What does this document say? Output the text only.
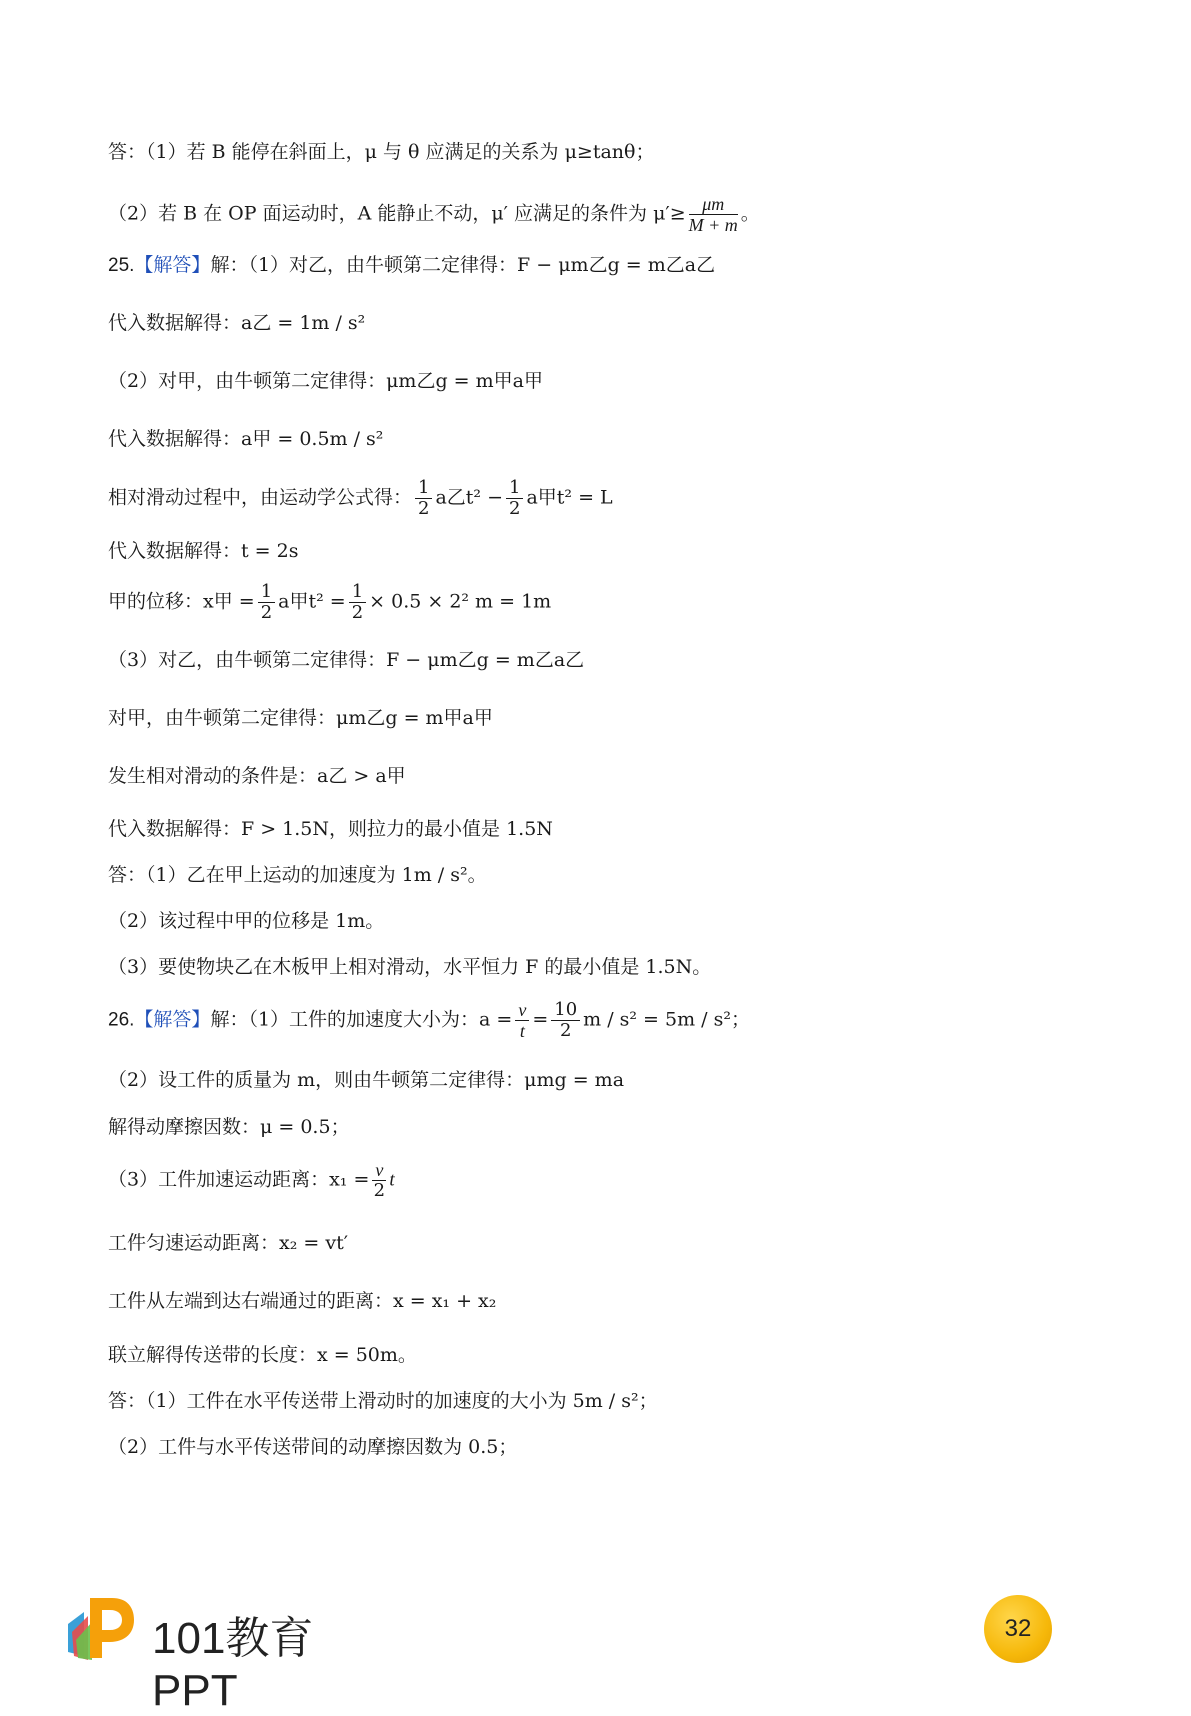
答：（1）若 B 能停在斜面上，μ 与 θ 应满足的关系为 μ≥tanθ；
（2）若 B 在 OP 面运动时，A 能静止不动，μ′ 应满足的条件为 $\mu'\ge \frac{\mu m}{M + m}$ 。
25.【解答】解：（1）对乙，由牛顿第二定律得：F − μm乙g = m乙a乙
代入数据解得：a乙 = 1m / s²
（2）对甲，由牛顿第二定律得：μm乙g = m甲a甲
代入数据解得：a甲 = 0.5m / s²
相对滑动过程中，由运动学公式得： $\frac{1}{2}$ a乙$t^2 - \frac{1}{2}$ a甲t² = L
代入数据解得：t = 2s
甲的位移：x甲 = $\frac{1}{2}$ a甲$t^2 = \frac{1}{2} \times 0.5 \times 2^2$ m = 1m
（3）对乙，由牛顿第二定律得：F − μm乙g = m乙a乙
对甲，由牛顿第二定律得：μm乙g = m甲a甲
发生相对滑动的条件是：a乙 > a甲
代入数据解得：F > 1.5N，则拉力的最小值是 1.5N
答：（1）乙在甲上运动的加速度为 1m / s²。
（2）该过程中甲的位移是 1m。
（3）要使物块乙在木板甲上相对滑动，水平恒力 F 的最小值是 1.5N。
26.【解答】解：（1）工件的加速度大小为：$a = \frac{v}{t} = \frac{10}{2}$ m / s² = 5m / s²；
（2）设工件的质量为 m，则由牛顿第二定律得：μmg = ma
解得动摩擦因数：μ = 0.5；
（3）工件加速运动距离：$x_1 = \frac{v}{2}$ t
工件匀速运动距离：x₂ = vt′
工件从左端到达右端通过的距离：x = x₁ + x₂
联立解得传送带的长度：x = 50m。
答：（1）工件在水平传送带上滑动时的加速度的大小为 5m / s²；
（2）工件与水平传送带间的动摩擦因数为 0.5；
101教育PPT
32
